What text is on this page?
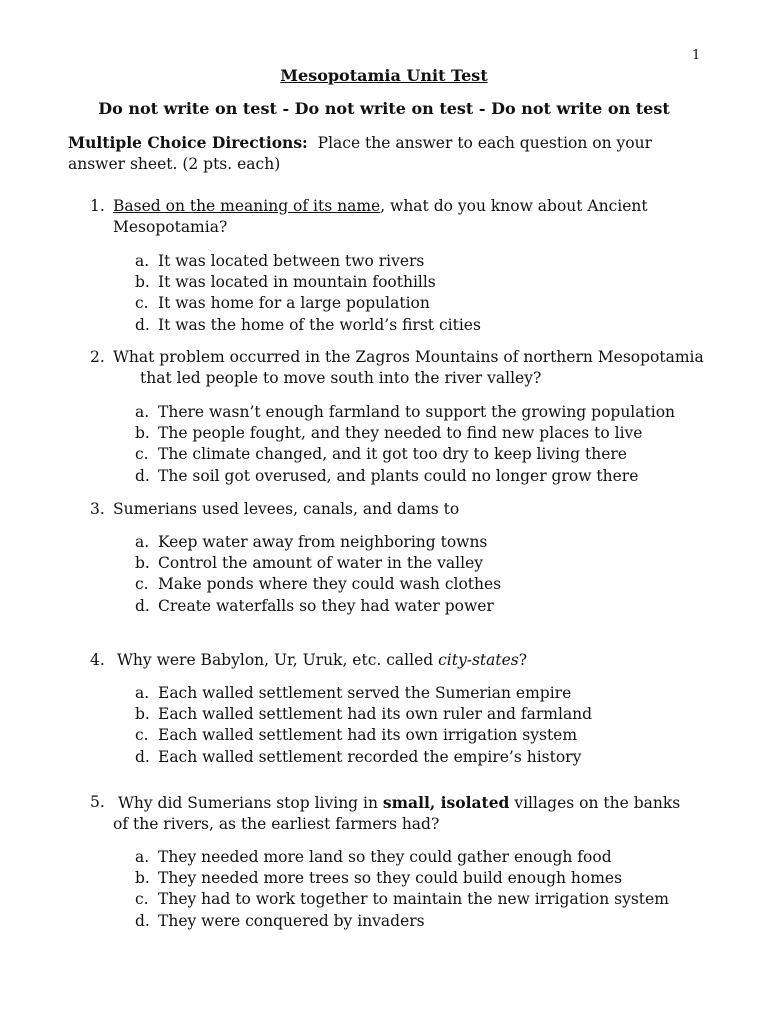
1
Mesopotamia Unit Test
Do not write on test - Do not write on test - Do not write on test
Multiple Choice Directions: Place the answer to each question on your answer sheet. (2 pts. each)
1. Based on the meaning of its name, what do you know about Ancient Mesopotamia?
a. It was located between two rivers
b. It was located in mountain foothills
c. It was home for a large population
d. It was the home of the world’s first cities
2. What problem occurred in the Zagros Mountains of northern Mesopotamia
that led people to move south into the river valley?
a. There wasn’t enough farmland to support the growing population
b. The people fought, and they needed to find new places to live
c. The climate changed, and it got too dry to keep living there
d. The soil got overused, and plants could no longer grow there
3. Sumerians used levees, canals, and dams to
a. Keep water away from neighboring towns
b. Control the amount of water in the valley
c. Make ponds where they could wash clothes
d. Create waterfalls so they had water power
4. Why were Babylon, Ur, Uruk, etc. called city-states?
a. Each walled settlement served the Sumerian empire
b. Each walled settlement had its own ruler and farmland
c. Each walled settlement had its own irrigation system
d. Each walled settlement recorded the empire’s history
5. Why did Sumerians stop living in small, isolated villages on the banks of the rivers, as the earliest farmers had?
a. They needed more land so they could gather enough food
b. They needed more trees so they could build enough homes
c. They had to work together to maintain the new irrigation system
d. They were conquered by invaders
